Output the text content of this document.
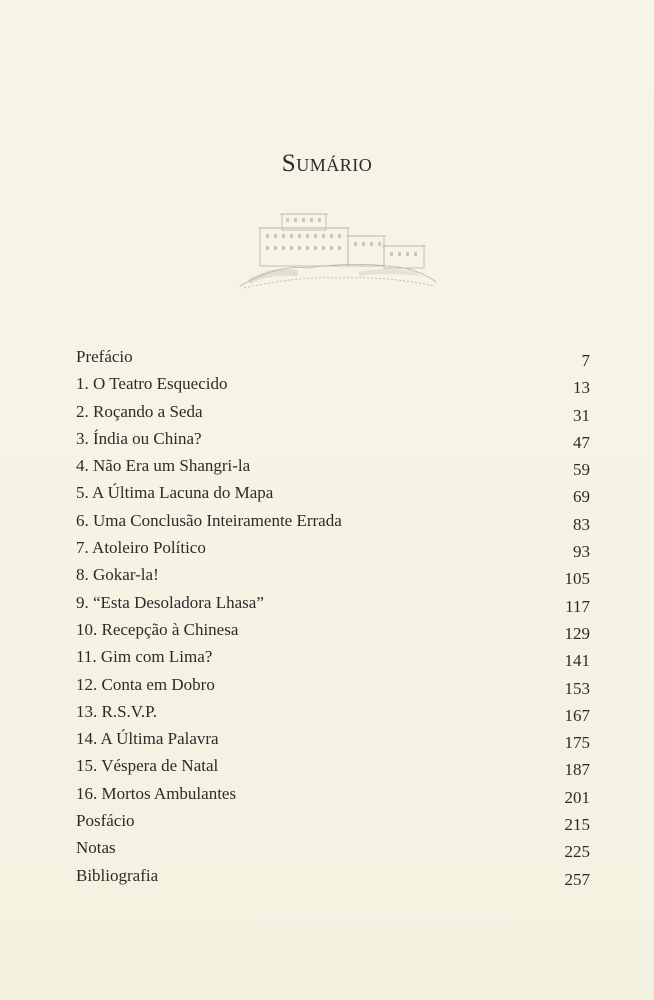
Sumário
Prefácio	7
1. O Teatro Esquecido	13
2. Roçando a Seda	31
3. Índia ou China?	47
4. Não Era um Shangri-la	59
5. A Última Lacuna do Mapa	69
6. Uma Conclusão Inteiramente Errada	83
7. Atoleiro Político	93
8. Gokar-la!	105
9. “Esta Desoladora Lhasa”	117
10. Recepção à Chinesa	129
11. Gim com Lima?	141
12. Conta em Dobro	153
13. R.S.V.P.	167
14. A Última Palavra	175
15. Véspera de Natal	187
16. Mortos Ambulantes	201
Posfácio	215
Notas	225
Bibliografia	257
